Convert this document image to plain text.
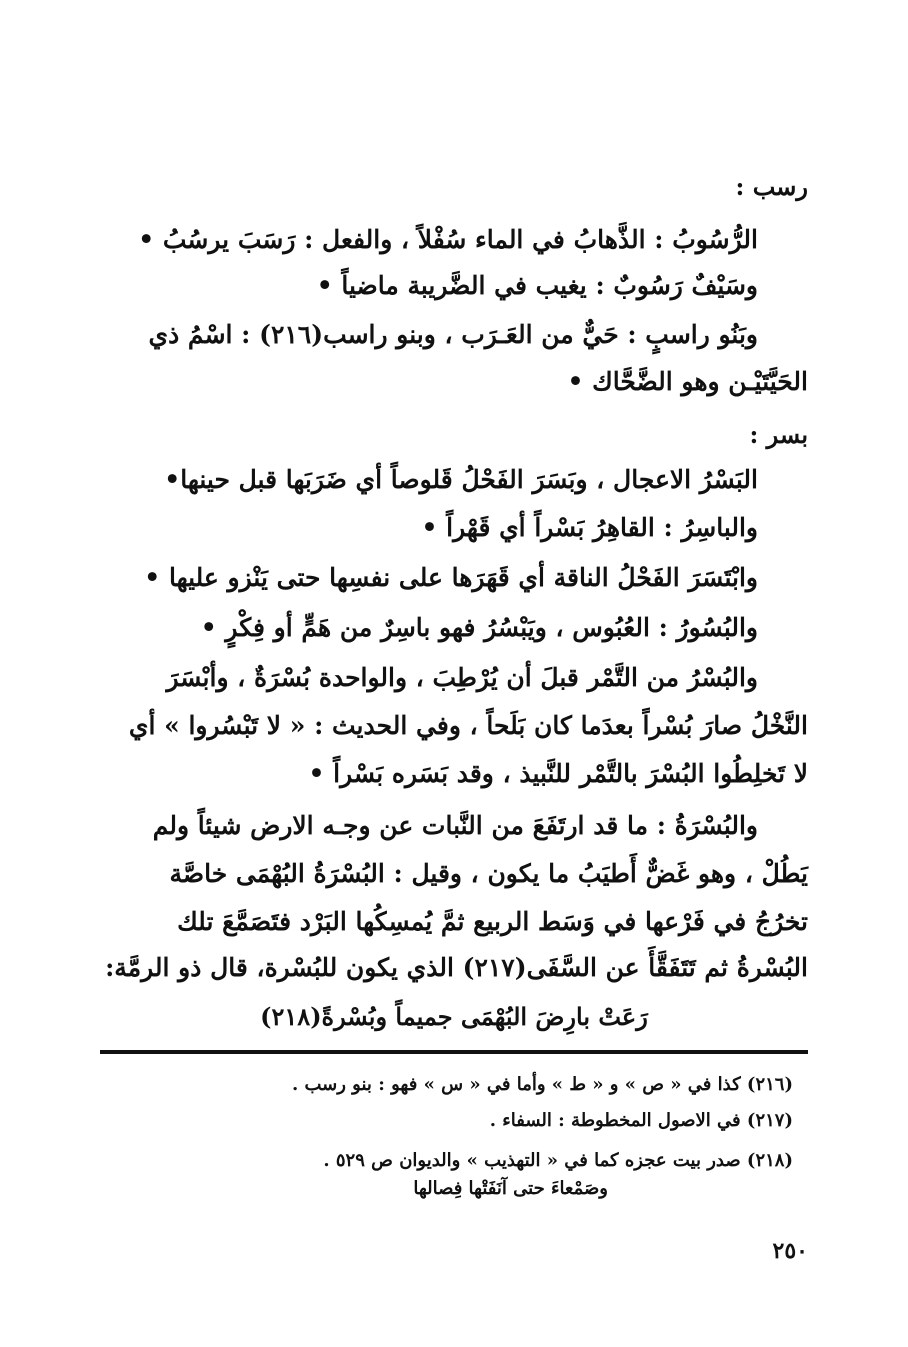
رسب :
الرُّسُوبُ : الذَّهابُ في الماء سُفْلاً ، والفعل : رَسَبَ يرسُبُ •
وسَيْفٌ رَسُوبٌ : يغيب في الضَّريبة ماضياً •
وبَنُو راسبٍ : حَيٌّ من العَـرَب ، وبنو راسب(٢١٦) : اسْمُ ذي
الحَيَّتَيْـن وهو الضَّحَّاك •
بسر :
البَسْرُ الاعجال ، وبَسَرَ الفَحْلُ قَلوصاً أي ضَرَبَها قبل حينها•
والباسِرُ : القاهِرُ بَسْراً أي قَهْراً •
وابْتَسَرَ الفَحْلُ الناقة أي قَهَرَها على نفسِها حتى يَنْزو عليها •
والبُسُورُ : العُبُوس ، ويَبْسُرُ فهو باسِرٌ من هَمٍّ أو فِكْرٍ •
والبُسْرُ من التَّمْر قبلَ أن يُرْطِبَ ، والواحدة بُسْرَةٌ ، وأبْسَرَ
النَّخْلُ صارَ بُسْراً بعدَما كان بَلَحاً ، وفي الحديث : « لا تَبْسُروا » أي
لا تَخلِطُوا البُسْرَ بالتَّمْر للنَّبيذ ، وقد بَسَره بَسْراً •
والبُسْرَةُ : ما قد ارتَفَعَ من النَّبات عن وجـه الارض شيئاً ولم
يَطُلْ ، وهو غَضٌّ أَطيَبُ ما يكون ، وقيل : البُسْرَةُ البُهْمَى خاصَّة
تخرُجُ في فَرْعها في وَسَط الربيع ثمَّ يُمسِكُها البَرْد فتَصَمَّعَ تلك
البُسْرةُ ثم تَتَفَقَّأَ عن السَّفَى(٢١٧) الذي يكون للبُسْرة، قال ذو الرمَّة:
رَعَتْ بارِضَ البُهْمَى جميماً وبُسْرةً(٢١٨)
(٢١٦) كذا في « ص » و « ط » وأما في « س » فهو : بنو رسب .
(٢١٧) في الاصول المخطوطة : السفاء .
(٢١٨) صدر بيت عجزه كما في « التهذيب » والديوان ص ٥٢٩ .
وصَمْعاءَ حتى آنَفَتْها فِصالها
٢٥٠
